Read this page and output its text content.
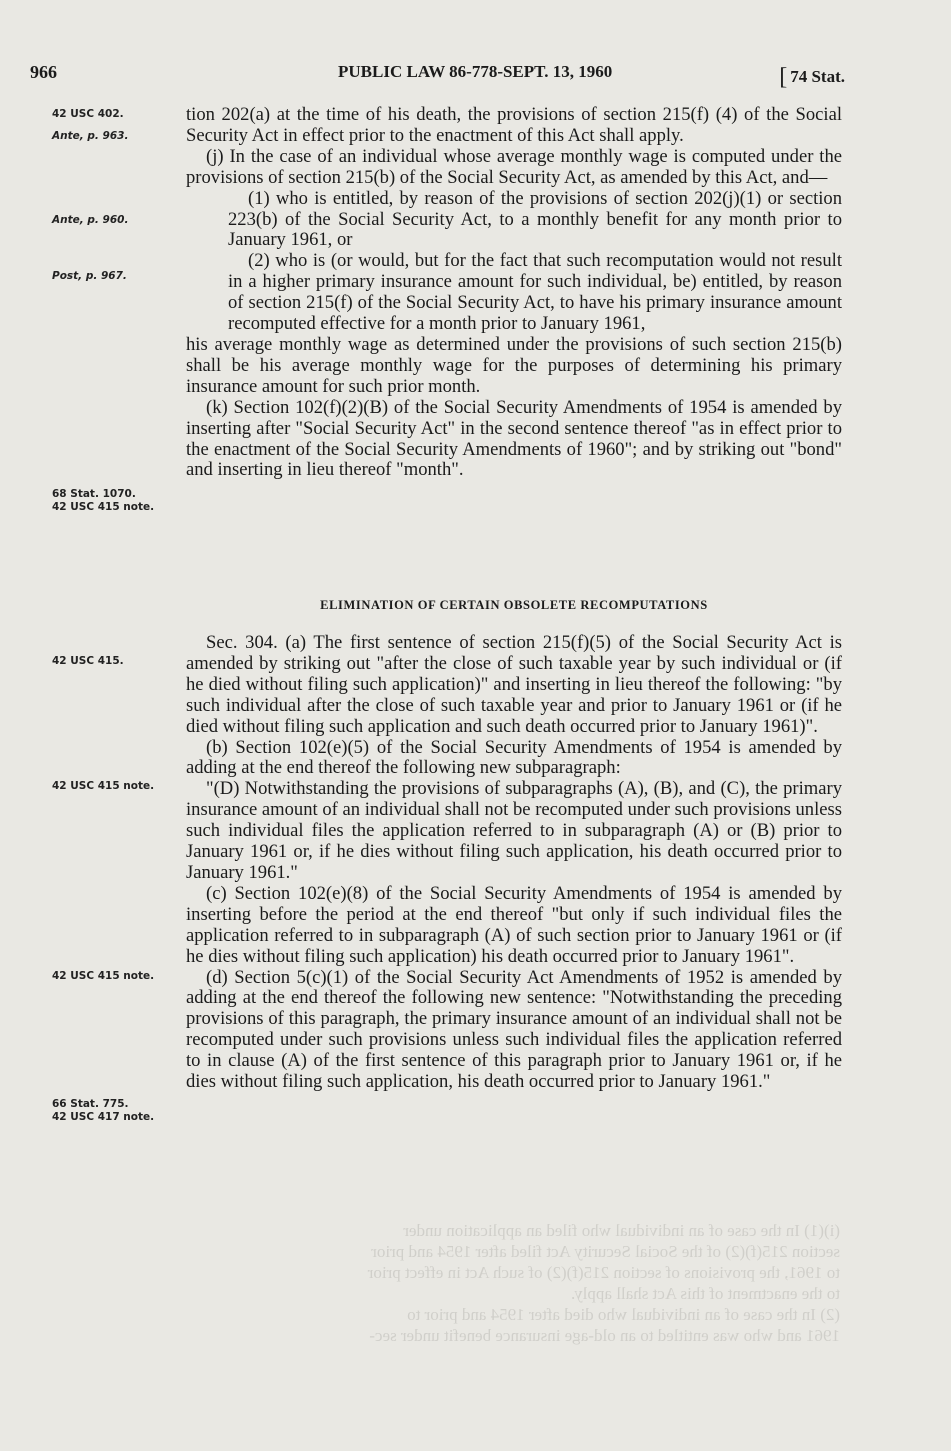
(i)(1) In the case of an individual who filed an application under
section 215(f)(2) of the Social Security Act filed after 1954 and prior
to 1961, the provisions of section 215(f)(2) of such Act in effect prior
to the enactment of this Act shall apply.
(2) In the case of an individual who died after 1954 and prior to
1961 and who was entitled to an old-age insurance benefit under sec-
966	PUBLIC LAW 86-778-SEPT. 13, 1960	[ 74 Stat.
42 USC 402.
Ante, p. 963.
Ante, p. 960.
Post, p. 967.
68 Stat. 1070.
42 USC 415 note.
42 USC 415.
42 USC 415 note.
42 USC 415 note.
66 Stat. 775.
42 USC 417 note.

tion 202(a) at the time of his death, the provisions of section 215(f) (4) of the Social Security Act in effect prior to the enactment of this Act shall apply.

(j) In the case of an individual whose average monthly wage is computed under the provisions of section 215(b) of the Social Security Act, as amended by this Act, and—

(1) who is entitled, by reason of the provisions of section 202(j)(1) or section 223(b) of the Social Security Act, to a monthly benefit for any month prior to January 1961, or

(2) who is (or would, but for the fact that such recomputation would not result in a higher primary insurance amount for such individual, be) entitled, by reason of section 215(f) of the Social Security Act, to have his primary insurance amount recomputed effective for a month prior to January 1961,

his average monthly wage as determined under the provisions of such section 215(b) shall be his average monthly wage for the purposes of determining his primary insurance amount for such prior month.

(k) Section 102(f)(2)(B) of the Social Security Amendments of 1954 is amended by inserting after "Social Security Act" in the second sentence thereof "as in effect prior to the enactment of the Social Security Amendments of 1960"; and by striking out "bond" and inserting in lieu thereof "month".

ELIMINATION OF CERTAIN OBSOLETE RECOMPUTATIONS

Sec. 304. (a) The first sentence of section 215(f)(5) of the Social Security Act is amended by striking out "after the close of such taxable year by such individual or (if he died without filing such application)" and inserting in lieu thereof the following: "by such individual after the close of such taxable year and prior to January 1961 or (if he died without filing such application and such death occurred prior to January 1961)".

(b) Section 102(e)(5) of the Social Security Amendments of 1954 is amended by adding at the end thereof the following new subparagraph:

"(D) Notwithstanding the provisions of subparagraphs (A), (B), and (C), the primary insurance amount of an individual shall not be recomputed under such provisions unless such individual files the application referred to in subparagraph (A) or (B) prior to January 1961 or, if he dies without filing such application, his death occurred prior to January 1961."

(c) Section 102(e)(8) of the Social Security Amendments of 1954 is amended by inserting before the period at the end thereof "but only if such individual files the application referred to in subparagraph (A) of such section prior to January 1961 or (if he dies without filing such application) his death occurred prior to January 1961".

(d) Section 5(c)(1) of the Social Security Act Amendments of 1952 is amended by adding at the end thereof the following new sentence: "Notwithstanding the preceding provisions of this paragraph, the primary insurance amount of an individual shall not be recomputed under such provisions unless such individual files the application referred to in clause (A) of the first sentence of this paragraph prior to January 1961 or, if he dies without filing such application, his death occurred prior to January 1961."
